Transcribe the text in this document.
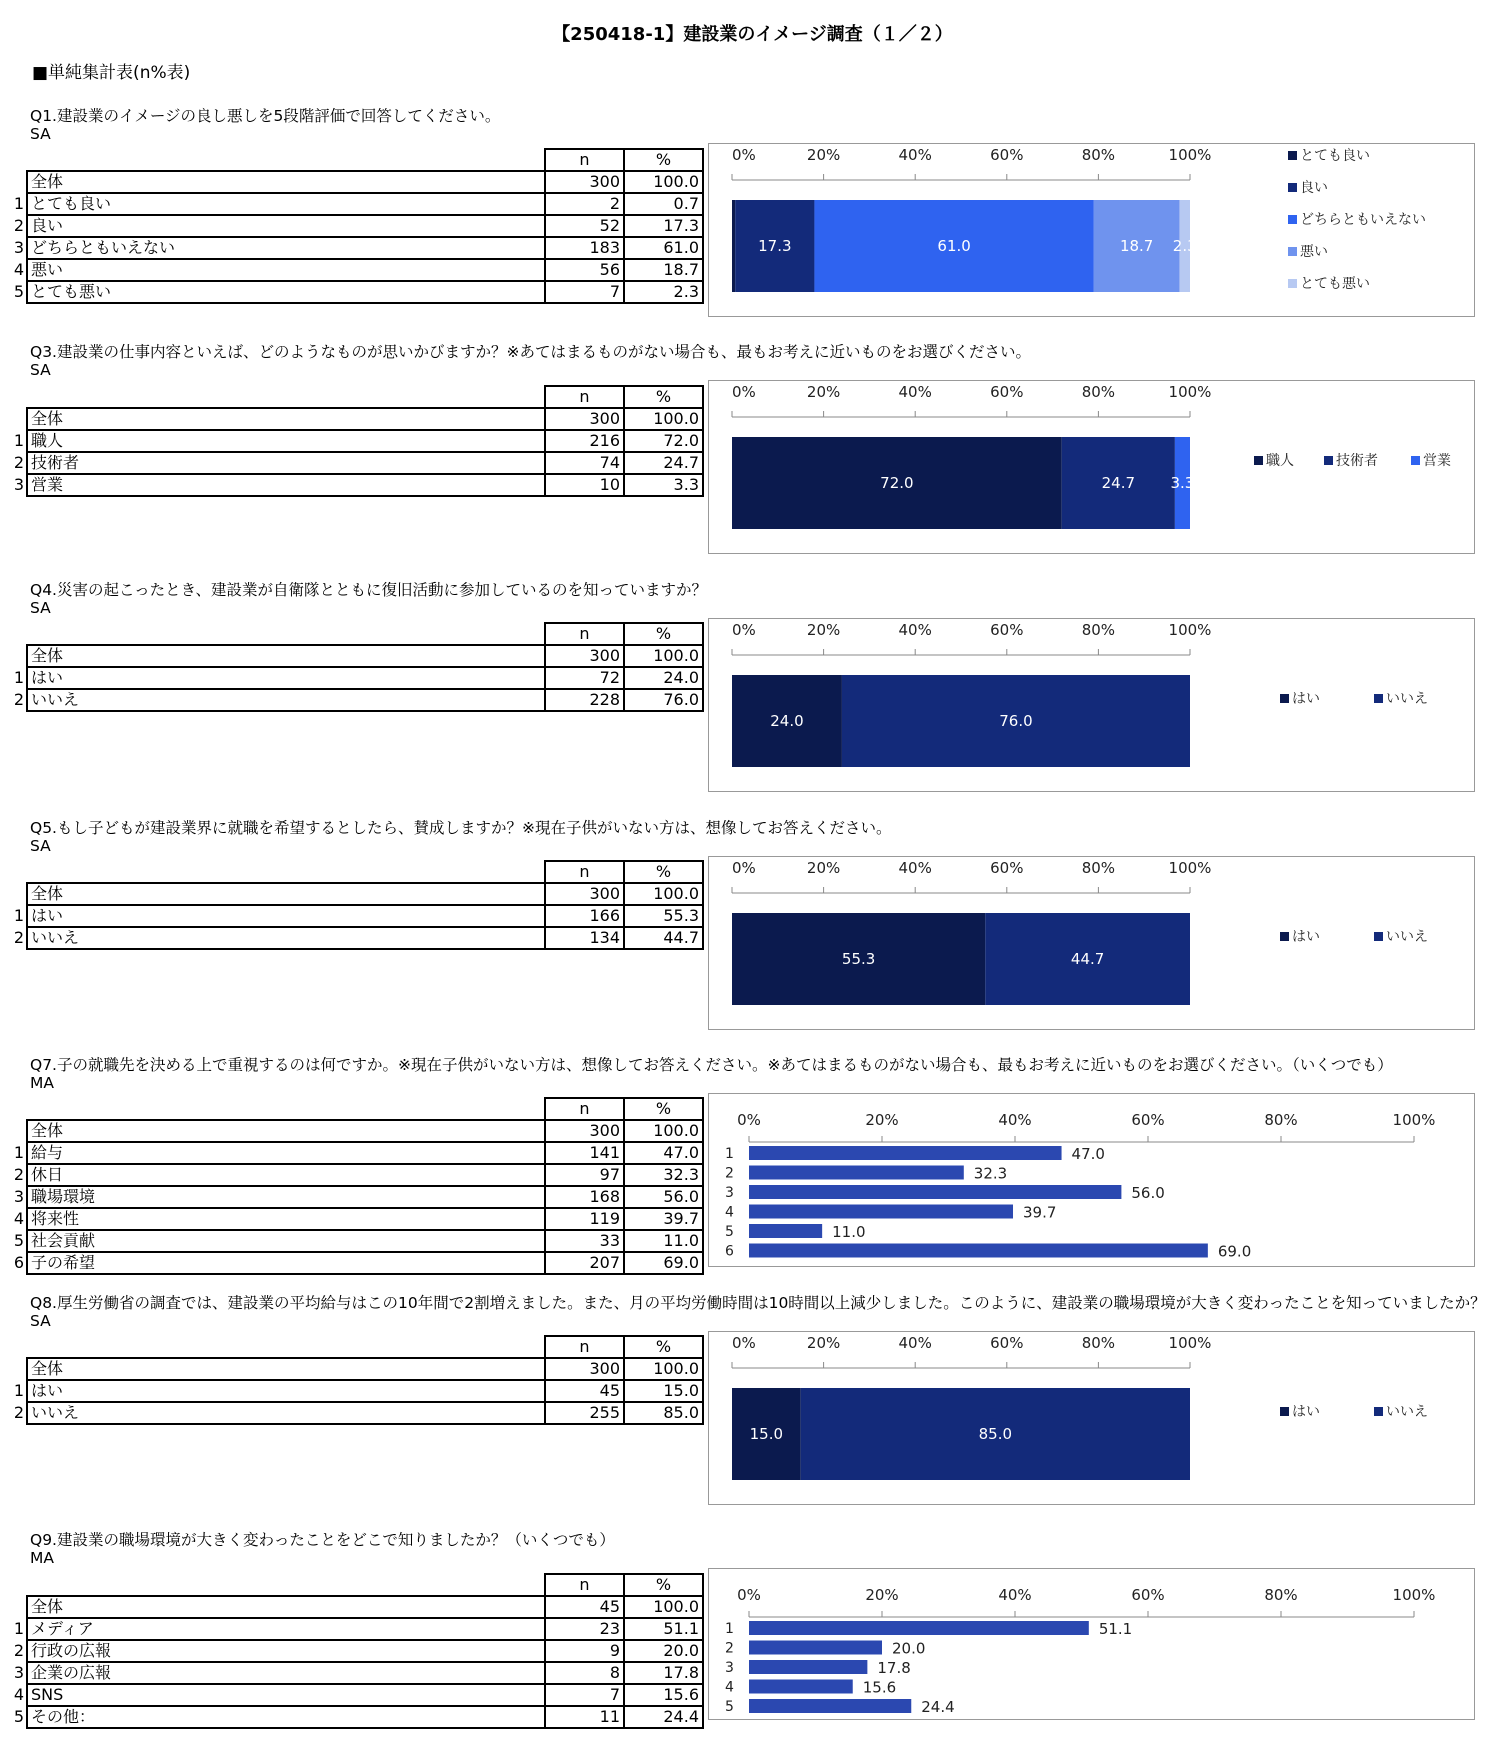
【250418-1】建設業のイメージ調査（１／２）
■単純集計表(n%表)
Q1.建設業のイメージの良し悪しを5段階評価で回答してください。
SA
		n	%
	全体	300	100.0
1	とても良い	2	0.7
2	良い	52	17.3
3	どちらともいえない	183	61.0
4	悪い	56	18.7
5	とても悪い	7	2.3
0%	20%	40%	60%	80%	100%
17.3	61.0	18.7 2.3
とても良い
良い
どちらともいえない
悪い
とても悪い
Q3.建設業の仕事内容といえば、どのようなものが思いかびますか？※あてはまるものがない場合も、最もお考えに近いものをお選びください。
SA
		n	%
	全体	300	100.0
1	職人	216	72.0
2	技術者	74	24.7
3	営業	10	3.3
0%	20%	40%	60%	80%	100%
72.0	24.7 3.3
職人	技術者	営業
Q4.災害の起こったとき、建設業が自衛隊とともに復旧活動に参加しているのを知っていますか？
SA
		n	%
	全体	300	100.0
1	はい	72	24.0
2	いいえ	228	76.0
0%	20%	40%	60%	80%	100%
24.0	76.0
はい	いいえ
Q5.もし子どもが建設業界に就職を希望するとしたら、賛成しますか？※現在子供がいない方は、想像してお答えください。
SA
		n	%
	全体	300	100.0
1	はい	166	55.3
2	いいえ	134	44.7
0%	20%	40%	60%	80%	100%
55.3	44.7
はい	いいえ
Q7.子の就職先を決める上で重視するのは何ですか。※現在子供がいない方は、想像してお答えください。※あてはまるものがない場合も、最もお考えに近いものをお選びください。（いくつでも）
MA
		n	%
	全体	300	100.0
1	給与	141	47.0
2	休日	97	32.3
3	職場環境	168	56.0
4	将来性	119	39.7
5	社会貢献	33	11.0
6	子の希望	207	69.0
0%	20%	40%	60%	80%	100%
1	47.0
2	32.3
3	56.0
4	39.7
5	11.0
6	69.0
Q8.厚生労働省の調査では、建設業の平均給与はこの10年間で2割増えました。また、月の平均労働時間は10時間以上減少しました。このように、建設業の職場環境が大きく変わったことを知っていましたか？
SA
		n	%
	全体	300	100.0
1	はい	45	15.0
2	いいえ	255	85.0
0%	20%	40%	60%	80%	100%
15.0	85.0
はい	いいえ
Q9.建設業の職場環境が大きく変わったことをどこで知りましたか？（いくつでも）
MA
		n	%
	全体	45	100.0
1	メディア	23	51.1
2	行政の広報	9	20.0
3	企業の広報	8	17.8
4	SNS	7	15.6
5	その他：	11	24.4
0%	20%	40%	60%	80%	100%
1	51.1
2	20.0
3	17.8
4	15.6
5	24.4
